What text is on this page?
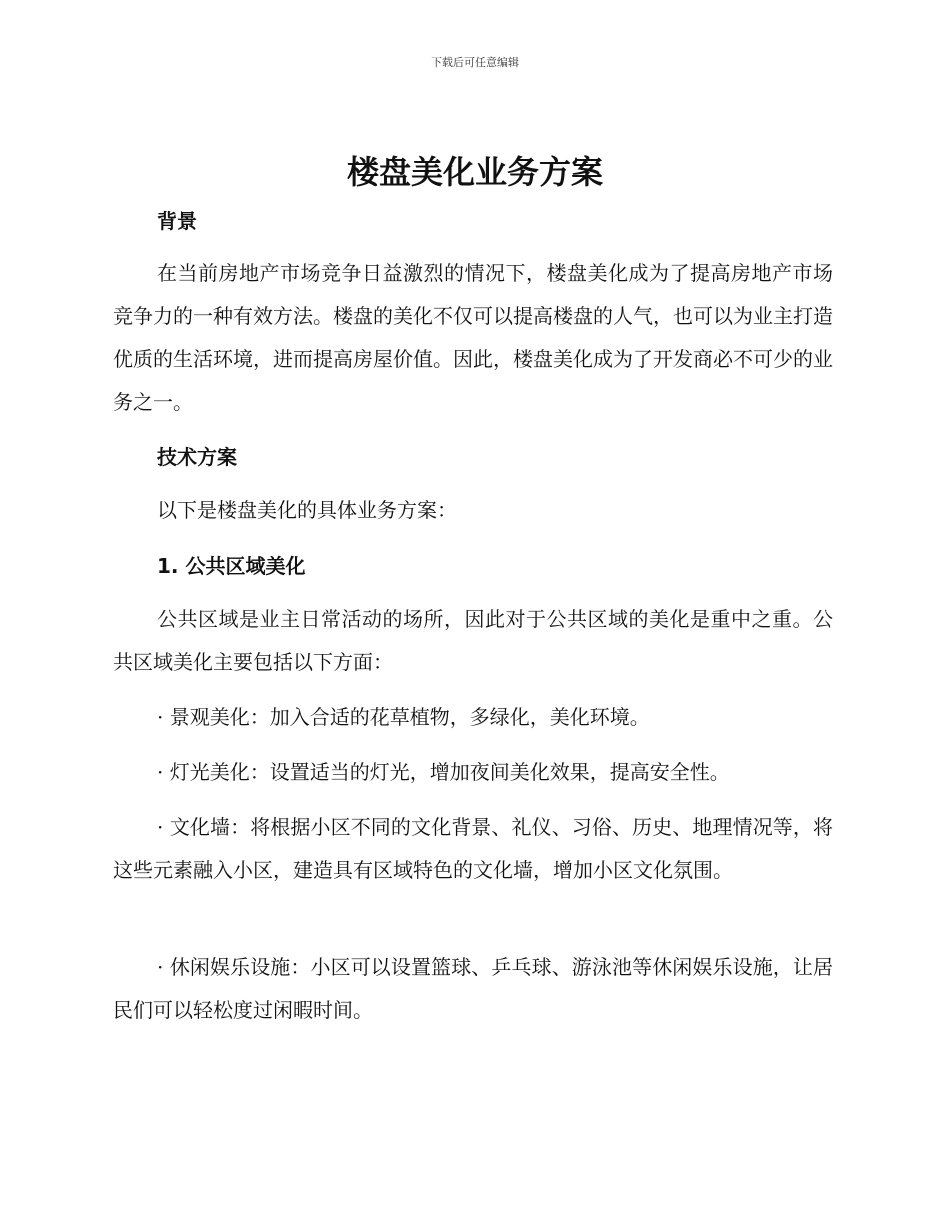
下载后可任意编辑
楼盘美化业务方案
背景

在当前房地产市场竞争日益激烈的情况下，楼盘美化成为了提高房地产市场竞争力的一种有效方法。楼盘的美化不仅可以提高楼盘的人气，也可以为业主打造优质的生活环境，进而提高房屋价值。因此，楼盘美化成为了开发商必不可少的业务之一。

技术方案

以下是楼盘美化的具体业务方案：

1. 公共区域美化

公共区域是业主日常活动的场所，因此对于公共区域的美化是重中之重。公共区域美化主要包括以下方面：

· 景观美化：加入合适的花草植物，多绿化，美化环境。

· 灯光美化：设置适当的灯光，增加夜间美化效果，提高安全性。

· 文化墙：将根据小区不同的文化背景、礼仪、习俗、历史、地理情况等，将这些元素融入小区，建造具有区域特色的文化墙，增加小区文化氛围。

· 休闲娱乐设施：小区可以设置篮球、乒乓球、游泳池等休闲娱乐设施，让居民们可以轻松度过闲暇时间。
